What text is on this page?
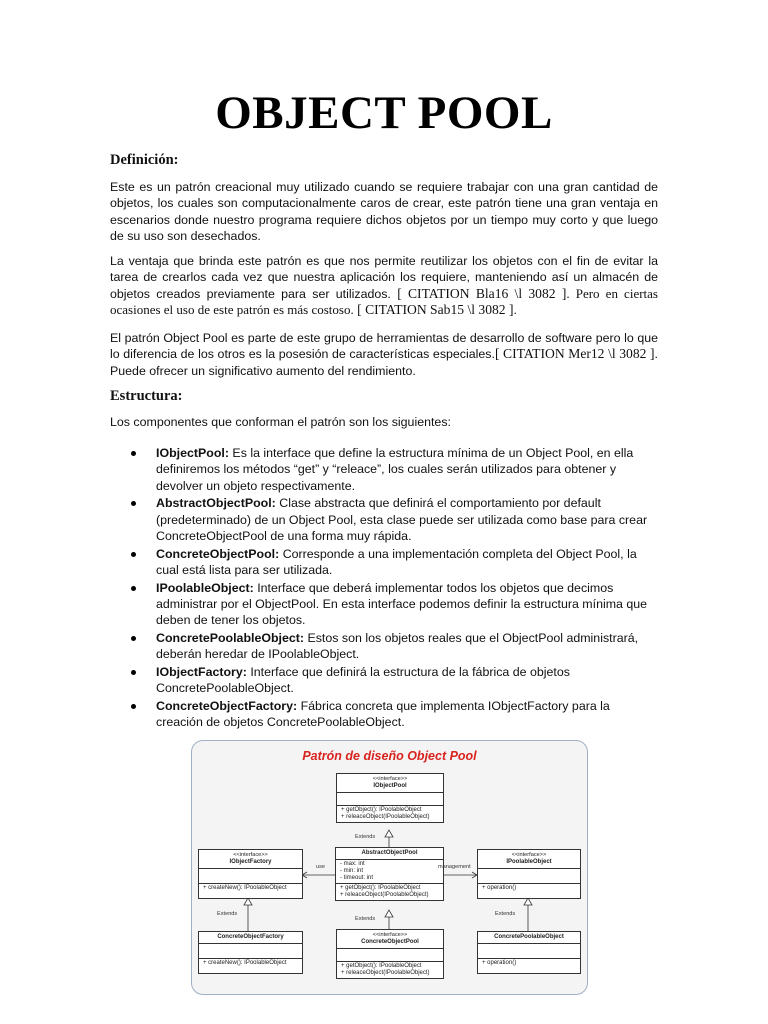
OBJECT POOL
Definición:
Este es un patrón creacional muy utilizado cuando se requiere trabajar con una gran cantidad de objetos, los cuales son computacionalmente caros de crear, este patrón tiene una gran ventaja en escenarios donde nuestro programa requiere dichos objetos por un tiempo muy corto y que luego de su uso son desechados.
La ventaja que brinda este patrón es que nos permite reutilizar los objetos con el fin de evitar la tarea de crearlos cada vez que nuestra aplicación los requiere, manteniendo así un almacén de objetos creados previamente para ser utilizados. [ CITATION Bla16 \l 3082 ]. Pero en ciertas ocasiones el uso de este patrón es más costoso. [ CITATION Sab15 \l 3082 ].
El patrón Object Pool es parte de este grupo de herramientas de desarrollo de software pero lo que lo diferencia de los otros es la posesión de características especiales.[ CITATION Mer12 \l 3082 ]. Puede ofrecer un significativo aumento del rendimiento.
Estructura:
Los componentes que conforman el patrón son los siguientes:
IObjectPool: Es la interface que define la estructura mínima de un Object Pool, en ella definiremos los métodos “get” y “releace”, los cuales serán utilizados para obtener y devolver un objeto respectivamente.
AbstractObjectPool: Clase abstracta que definirá el comportamiento por default (predeterminado) de un Object Pool, esta clase puede ser utilizada como base para crear ConcreteObjectPool de una forma muy rápida.
ConcreteObjectPool: Corresponde a una implementación completa del Object Pool, la cual está lista para ser utilizada.
IPoolableObject: Interface que deberá implementar todos los objetos que decimos administrar por el ObjectPool. En esta interface podemos definir la estructura mínima que deben de tener los objetos.
ConcretePoolableObject: Estos son los objetos reales que el ObjectPool administrará, deberán heredar de IPoolableObject.
IObjectFactory: Interface que definirá la estructura de la fábrica de objetos ConcretePoolableObject.
ConcreteObjectFactory: Fábrica concreta que implementa IObjectFactory para la creación de objetos ConcretePoolableObject.
Patrón de diseño Object Pool
<<interface>>
IObjectPool
+ getObject(): IPoolableObject
+ releaceObject(IPoolableObject)
Extends
AbstractObjectPool
- max: int
- min: int
- timeout: int
+ getObject(): IPoolableObject
+ releaceObject(IPoolableObject)
Extends
<<interface>>
IObjectFactory
+ createNew(): IPoolableObject
use
Extends
<<interface>>
IPoolableObject
+ operation()
management
Extends
ConcreteObjectFactory
+ createNew(): IPoolableObject
<<interface>>
ConcreteObjectPool
+ getObject(): IPoolableObject
+ releaceObject(IPoolableObject)
ConcretePoolableObject
+ operation()
